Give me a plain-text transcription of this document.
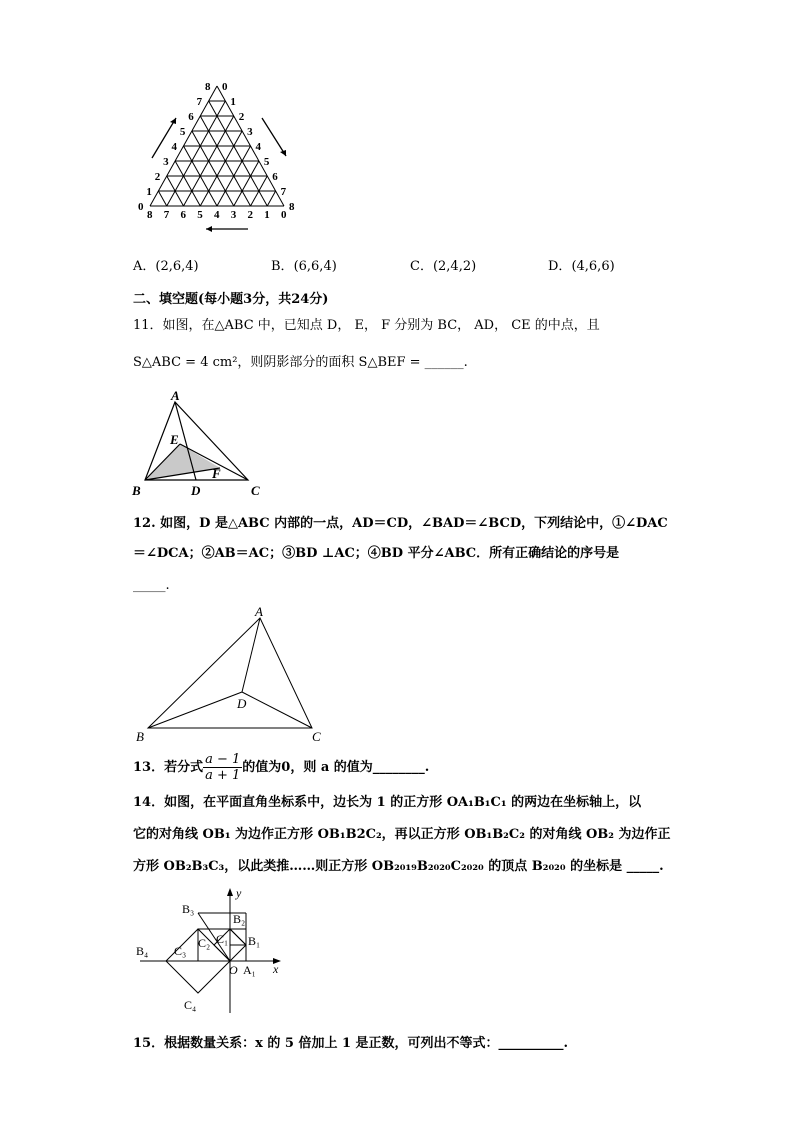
0
0
8
1
1
7
2
2
6
3
3
5
4	4
4
5
5
3
6
6
2
7
7
1
8
8
0
A．(2,6,4)	B．(6,6,4)	C．(2,4,2)	D．(4,6,6)
二、填空题(每小题3分，共24分)
11．如图，在△ABC 中，已知点 D， E， F 分别为 BC， AD， CE 的中点，且
S△ABC = 4 cm²，则阴影部分的面积 S△BEF = ______.
A
E
F
B	D	C
12. 如图，D 是△ABC 内部的一点，AD＝CD，∠BAD＝∠BCD，下列结论中，①∠DAC
＝∠DCA；②AB＝AC；③BD ⊥AC；④BD 平分∠ABC．所有正确结论的序号是
_____.
A
D
B	C
13．若分式 $\frac{a - 1}{a + 1}$ 的值为0，则 a 的值为________.
14．如图，在平面直角坐标系中，边长为 1 的正方形 OA₁B₁C₁ 的两边在坐标轴上，以
它的对角线 OB₁ 为边作正方形 OB₁B2C₂，再以正方形 OB₁B₂C₂ 的对角线 OB₂ 为边作正
方形 OB₂B₃C₃，以此类推……则正方形 OB₂₀₁₉B₂₀₂₀C₂₀₂₀ 的顶点 B₂₀₂₀ 的坐标是 _____.
y
x
O A₁
B₁
C₁
B₂
C₂
B₃
C₃
B₄
C₄
15．根据数量关系：x 的 5 倍加上 1 是正数，可列出不等式：__________.
